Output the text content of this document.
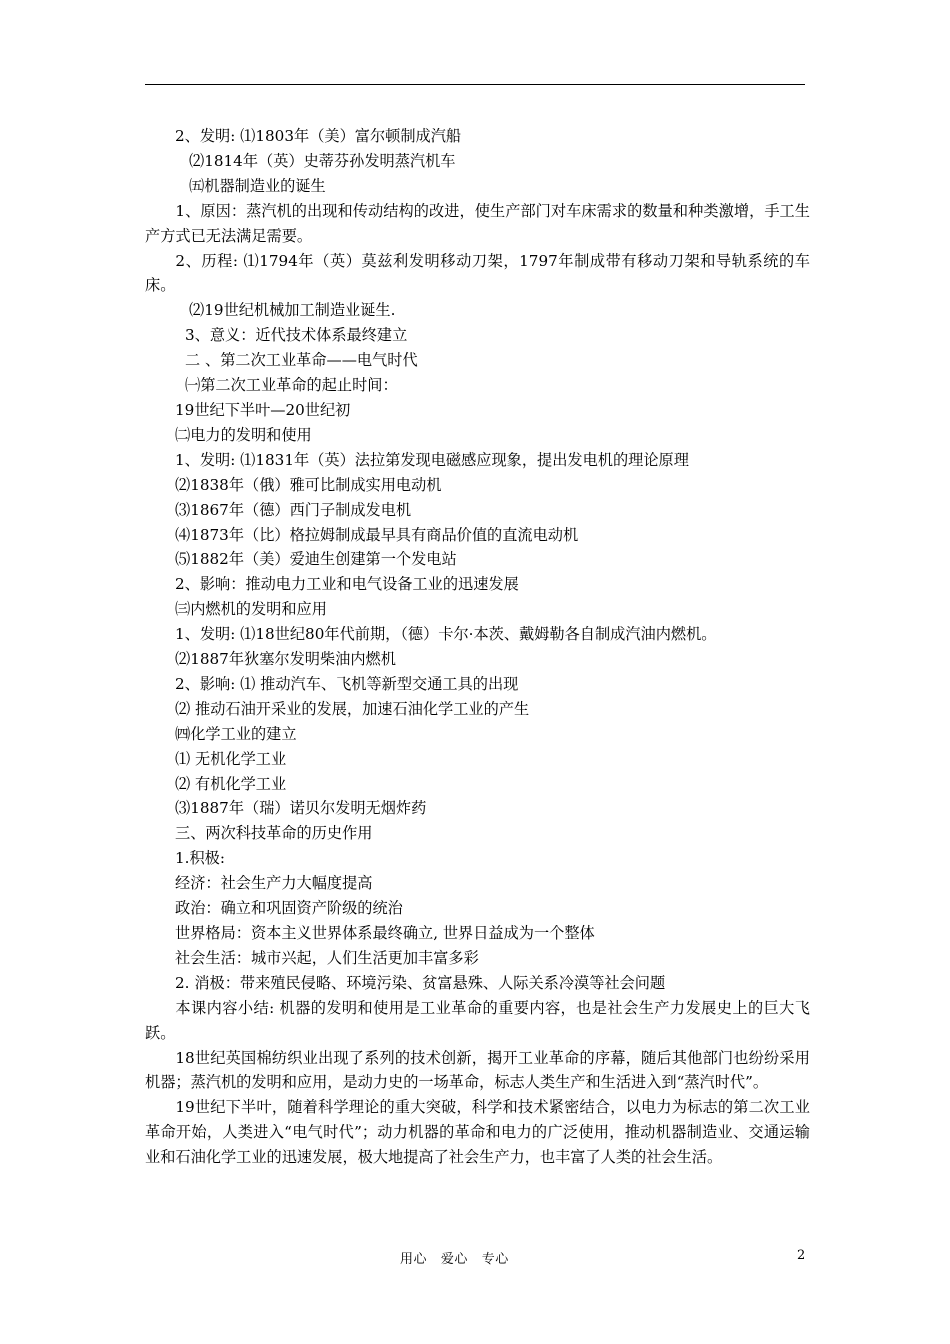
2、发明: ⑴1803年（美）富尔顿制成汽船
⑵1814年（英）史蒂芬孙发明蒸汽机车
㈤机器制造业的诞生
1、原因：蒸汽机的出现和传动结构的改进，使生产部门对车床需求的数量和种类激增，手工生产方式已无法满足需要。
2、历程: ⑴1794年（英）莫兹利发明移动刀架，1797年制成带有移动刀架和导轨系统的车床。
⑵19世纪机械加工制造业诞生.
3、意义：近代技术体系最终建立
二 、第二次工业革命——电气时代
㈠第二次工业革命的起止时间：
19世纪下半叶—20世纪初
㈡电力的发明和使用
1、发明: ⑴1831年（英）法拉第发现电磁感应现象，提出发电机的理论原理
⑵1838年（俄）雅可比制成实用电动机
⑶1867年（德）西门子制成发电机
⑷1873年（比）格拉姆制成最早具有商品价值的直流电动机
⑸1882年（美）爱迪生创建第一个发电站
2、影响：推动电力工业和电气设备工业的迅速发展
㈢内燃机的发明和应用
1、发明: ⑴18世纪80年代前期，（德）卡尔·本茨、戴姆勒各自制成汽油内燃机。
⑵1887年狄塞尔发明柴油内燃机
2、影响: ⑴ 推动汽车、飞机等新型交通工具的出现
⑵ 推动石油开采业的发展，加速石油化学工业的产生
㈣化学工业的建立
⑴ 无机化学工业
⑵ 有机化学工业
⑶1887年（瑞）诺贝尔发明无烟炸药
三、两次科技革命的历史作用
1.积极:
经济：社会生产力大幅度提高
政治：确立和巩固资产阶级的统治
世界格局：资本主义世界体系最终确立, 世界日益成为一个整体
社会生活：城市兴起，人们生活更加丰富多彩
2. 消极：带来殖民侵略、环境污染、贫富悬殊、人际关系冷漠等社会问题
本课内容小结: 机器的发明和使用是工业革命的重要内容，也是社会生产力发展史上的巨大飞跃。
18世纪英国棉纺织业出现了系列的技术创新，揭开工业革命的序幕，随后其他部门也纷纷采用机器；蒸汽机的发明和应用，是动力史的一场革命，标志人类生产和生活进入到“蒸汽时代”。
19世纪下半叶，随着科学理论的重大突破，科学和技术紧密结合，以电力为标志的第二次工业革命开始，人类进入“电气时代”；动力机器的革命和电力的广泛使用，推动机器制造业、交通运输业和石油化学工业的迅速发展，极大地提高了社会生产力，也丰富了人类的社会生活。
用心   爱心   专心	2
